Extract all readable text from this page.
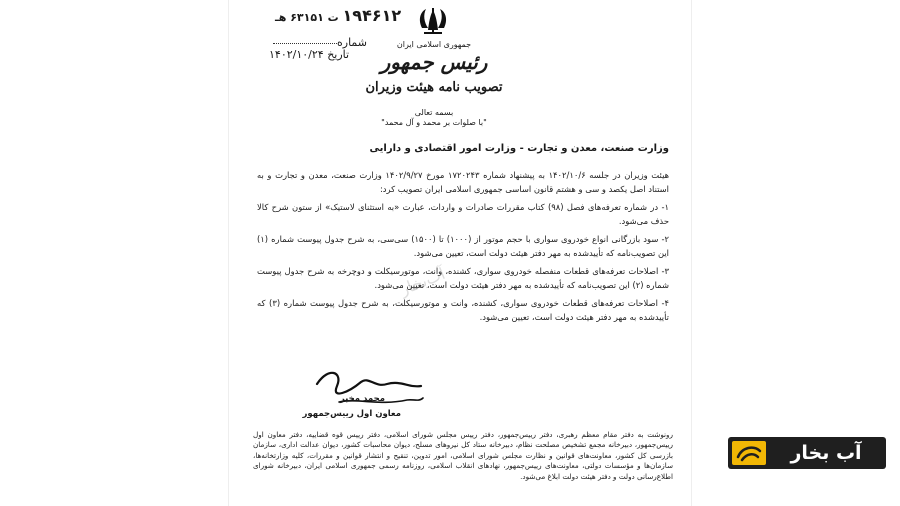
۱۹۴۶۱۲ ت ۶۳۱۵۱ هـ
شماره
تاریخ ۱۴۰۲/۱۰/۲۴
جمهوری اسلامی ایران
رئیس جمهور
تصویب نامه هیئت وزیران
بسمه تعالی
"با صلوات بر محمد و آل محمد"
وزارت صنعت، معدن و تجارت - وزارت امور اقتصادی و دارایی
آب‌بخار

هیئت وزیران در جلسه ۱۴۰۲/۱۰/۶ به پیشنهاد شماره ۱۷۲۰۲۴۳ مورخ ۱۴۰۲/۹/۲۷ وزارت صنعت، معدن و تجارت و به استناد اصل یکصد و سی و هشتم قانون اساسی جمهوری اسلامی ایران تصویب کرد:

۱- در شماره تعرفه‌های فصل (۹۸) کتاب مقررات صادرات و واردات، عبارت «به استثنای لاستیک» از ستون شرح کالا حذف می‌شود.

۲- سود بازرگانی انواع خودروی سواری با حجم موتور از (۱۰۰۰) تا (۱۵۰۰) سی‌سی، به شرح جدول پیوست شماره (۱) این تصویب‌نامه که تأییدشده به مهر دفتر هیئت دولت است، تعیین می‌شود.

۳- اصلاحات تعرفه‌های قطعات منفصله خودروی سواری، کشنده، وانت، موتورسیکلت و دوچرخه به شرح جدول پیوست شماره (۲) این تصویب‌نامه که تأییدشده به مهر دفتر هیئت دولت است، تعیین می‌شود.

۴- اصلاحات تعرفه‌های قطعات خودروی سواری، کشنده، وانت و موتورسیکلت، به شرح جدول پیوست شماره (۳) که تأییدشده به مهر دفتر هیئت دولت است، تعیین می‌شود.

محمد مخبر
معاون اول رییس‌جمهور
رونوشت به دفتر مقام معظم رهبری، دفتر رییس‌جمهور، دفتر رییس مجلس شورای اسلامی، دفتر رییس قوه قضاییه، دفتر معاون اول رییس‌جمهور، دبیرخانه مجمع تشخیص مصلحت نظام، دبیرخانه ستاد کل نیروهای مسلح، دیوان محاسبات کشور، دیوان عدالت اداری، سازمان بازرسی کل کشور، معاونت‌های قوانین و نظارت مجلس شورای اسلامی، امور تدوین، تنقیح و انتشار قوانین و مقررات، کلیه وزارتخانه‌ها، سازمان‌ها و مؤسسات دولتی، معاونت‌های رییس‌جمهور، نهادهای انقلاب اسلامی، روزنامه رسمی جمهوری اسلامی ایران، دبیرخانه شورای اطلاع‌رسانی دولت و دفتر هیئت دولت ابلاغ می‌شود.
آب بخار
